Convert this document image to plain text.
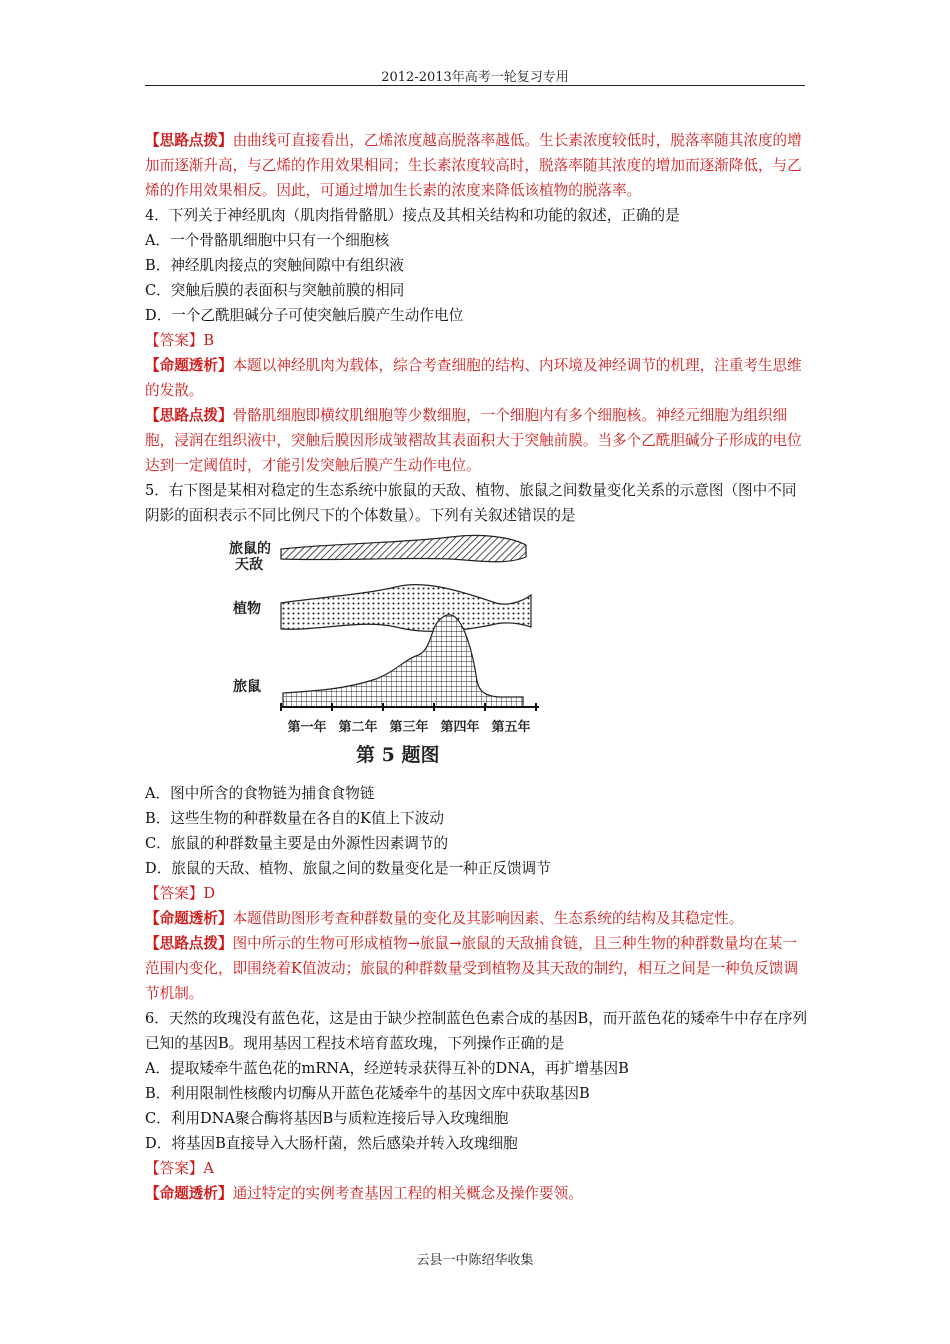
2012-2013年高考一轮复习专用

【思路点拨】由曲线可直接看出，乙烯浓度越高脱落率越低。生长素浓度较低时，脱落率随其浓度的增加而逐渐升高，与乙烯的作用效果相同；生长素浓度较高时，脱落率随其浓度的增加而逐渐降低，与乙烯的作用效果相反。因此，可通过增加生长素的浓度来降低该植物的脱落率。

4．下列关于神经肌肉（肌肉指骨骼肌）接点及其相关结构和功能的叙述，正确的是

A．一个骨骼肌细胞中只有一个细胞核

B．神经肌肉接点的突触间隙中有组织液

C．突触后膜的表面积与突触前膜的相同

D．一个乙酰胆碱分子可使突触后膜产生动作电位

【答案】B

【命题透析】本题以神经肌肉为载体，综合考查细胞的结构、内环境及神经调节的机理，注重考生思维的发散。

【思路点拨】骨骼肌细胞即横纹肌细胞等少数细胞，一个细胞内有多个细胞核。神经元细胞为组织细胞，浸润在组织液中，突触后膜因形成皱褶故其表面积大于突触前膜。当多个乙酰胆碱分子形成的电位达到一定阈值时，才能引发突触后膜产生动作电位。

5．右下图是某相对稳定的生态系统中旅鼠的天敌、植物、旅鼠之间数量变化关系的示意图（图中不同阴影的面积表示不同比例尺下的个体数量）。下列有关叙述错误的是

旅鼠的
天敌
植物
旅鼠
第一年 第二年 第三年 第四年 第五年
第 5 题图

A．图中所含的食物链为捕食食物链

B．这些生物的种群数量在各自的K值上下波动

C．旅鼠的种群数量主要是由外源性因素调节的

D．旅鼠的天敌、植物、旅鼠之间的数量变化是一种正反馈调节

【答案】D

【命题透析】本题借助图形考查种群数量的变化及其影响因素、生态系统的结构及其稳定性。

【思路点拨】图中所示的生物可形成植物→旅鼠→旅鼠的天敌捕食链，且三种生物的种群数量均在某一范围内变化，即围绕着K值波动；旅鼠的种群数量受到植物及其天敌的制约，相互之间是一种负反馈调节机制。

6．天然的玫瑰没有蓝色花，这是由于缺少控制蓝色色素合成的基因B，而开蓝色花的矮牵牛中存在序列已知的基因B。现用基因工程技术培育蓝玫瑰，下列操作正确的是

A．提取矮牵牛蓝色花的mRNA，经逆转录获得互补的DNA，再扩增基因B

B．利用限制性核酸内切酶从开蓝色花矮牵牛的基因文库中获取基因B

C．利用DNA聚合酶将基因B与质粒连接后导入玫瑰细胞

D．将基因B直接导入大肠杆菌，然后感染并转入玫瑰细胞

【答案】A

【命题透析】通过特定的实例考查基因工程的相关概念及操作要领。

云县一中陈绍华收集
